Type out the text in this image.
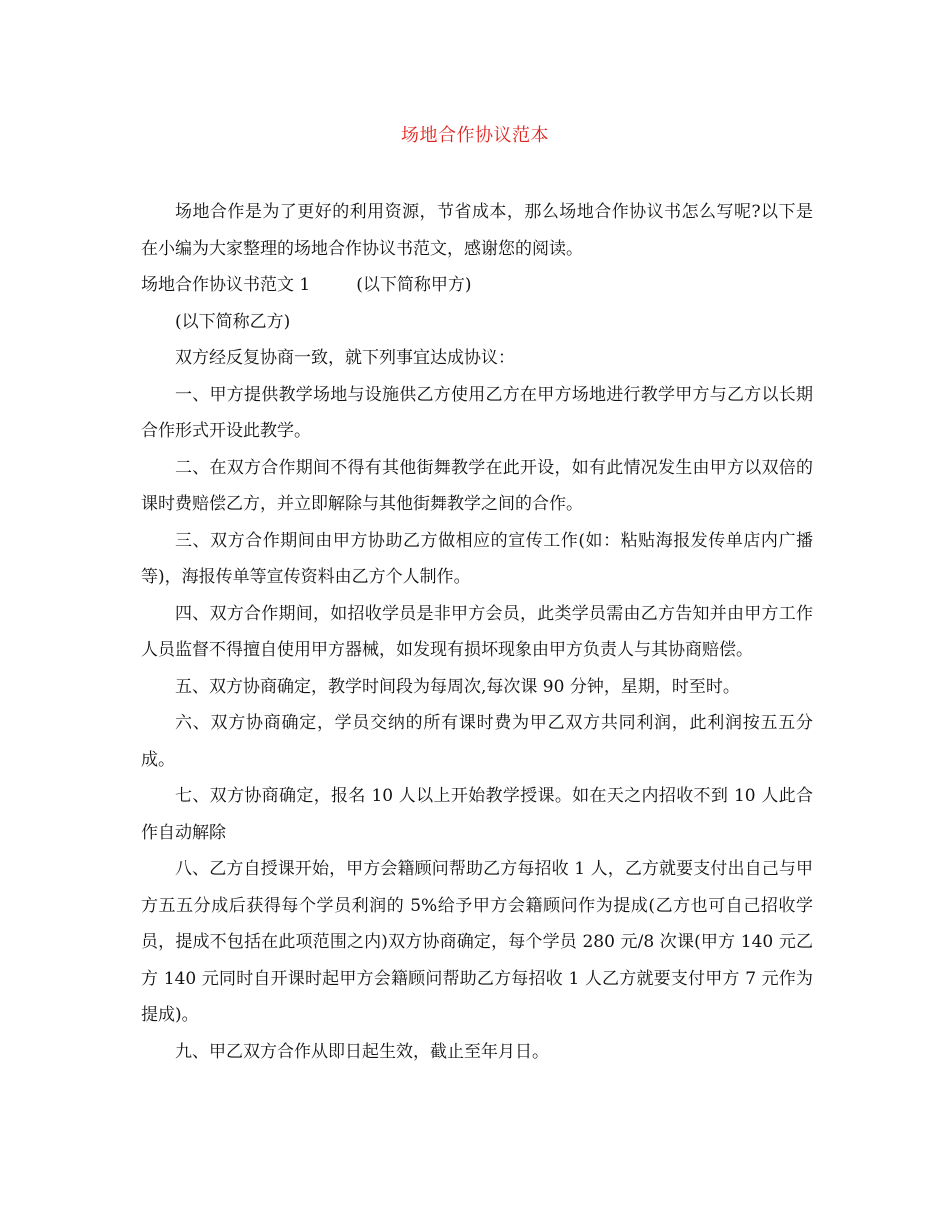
场地合作协议范本

场地合作是为了更好的利用资源，节省成本，那么场地合作协议书怎么写呢?以下是在小编为大家整理的场地合作协议书范文，感谢您的阅读。

场地合作协议书范文 1	(以下简称甲方)

(以下简称乙方)

双方经反复协商一致，就下列事宜达成协议：

一、甲方提供教学场地与设施供乙方使用乙方在甲方场地进行教学甲方与乙方以长期合作形式开设此教学。

二、在双方合作期间不得有其他街舞教学在此开设，如有此情况发生由甲方以双倍的课时费赔偿乙方，并立即解除与其他街舞教学之间的合作。

三、双方合作期间由甲方协助乙方做相应的宣传工作(如：粘贴海报发传单店内广播等)，海报传单等宣传资料由乙方个人制作。

四、双方合作期间，如招收学员是非甲方会员，此类学员需由乙方告知并由甲方工作人员监督不得擅自使用甲方器械，如发现有损坏现象由甲方负责人与其协商赔偿。

五、双方协商确定，教学时间段为每周次,每次课 90 分钟，星期，时至时。

六、双方协商确定，学员交纳的所有课时费为甲乙双方共同利润，此利润按五五分成。

七、双方协商确定，报名 10 人以上开始教学授课。如在天之内招收不到 10 人此合作自动解除

八、乙方自授课开始，甲方会籍顾问帮助乙方每招收 1 人，乙方就要支付出自己与甲方五五分成后获得每个学员利润的 5%给予甲方会籍顾问作为提成(乙方也可自己招收学员，提成不包括在此项范围之内)双方协商确定，每个学员 280 元/8 次课(甲方 140 元乙方 140 元同时自开课时起甲方会籍顾问帮助乙方每招收 1 人乙方就要支付甲方 7 元作为提成)。

九、甲乙双方合作从即日起生效，截止至年月日。
